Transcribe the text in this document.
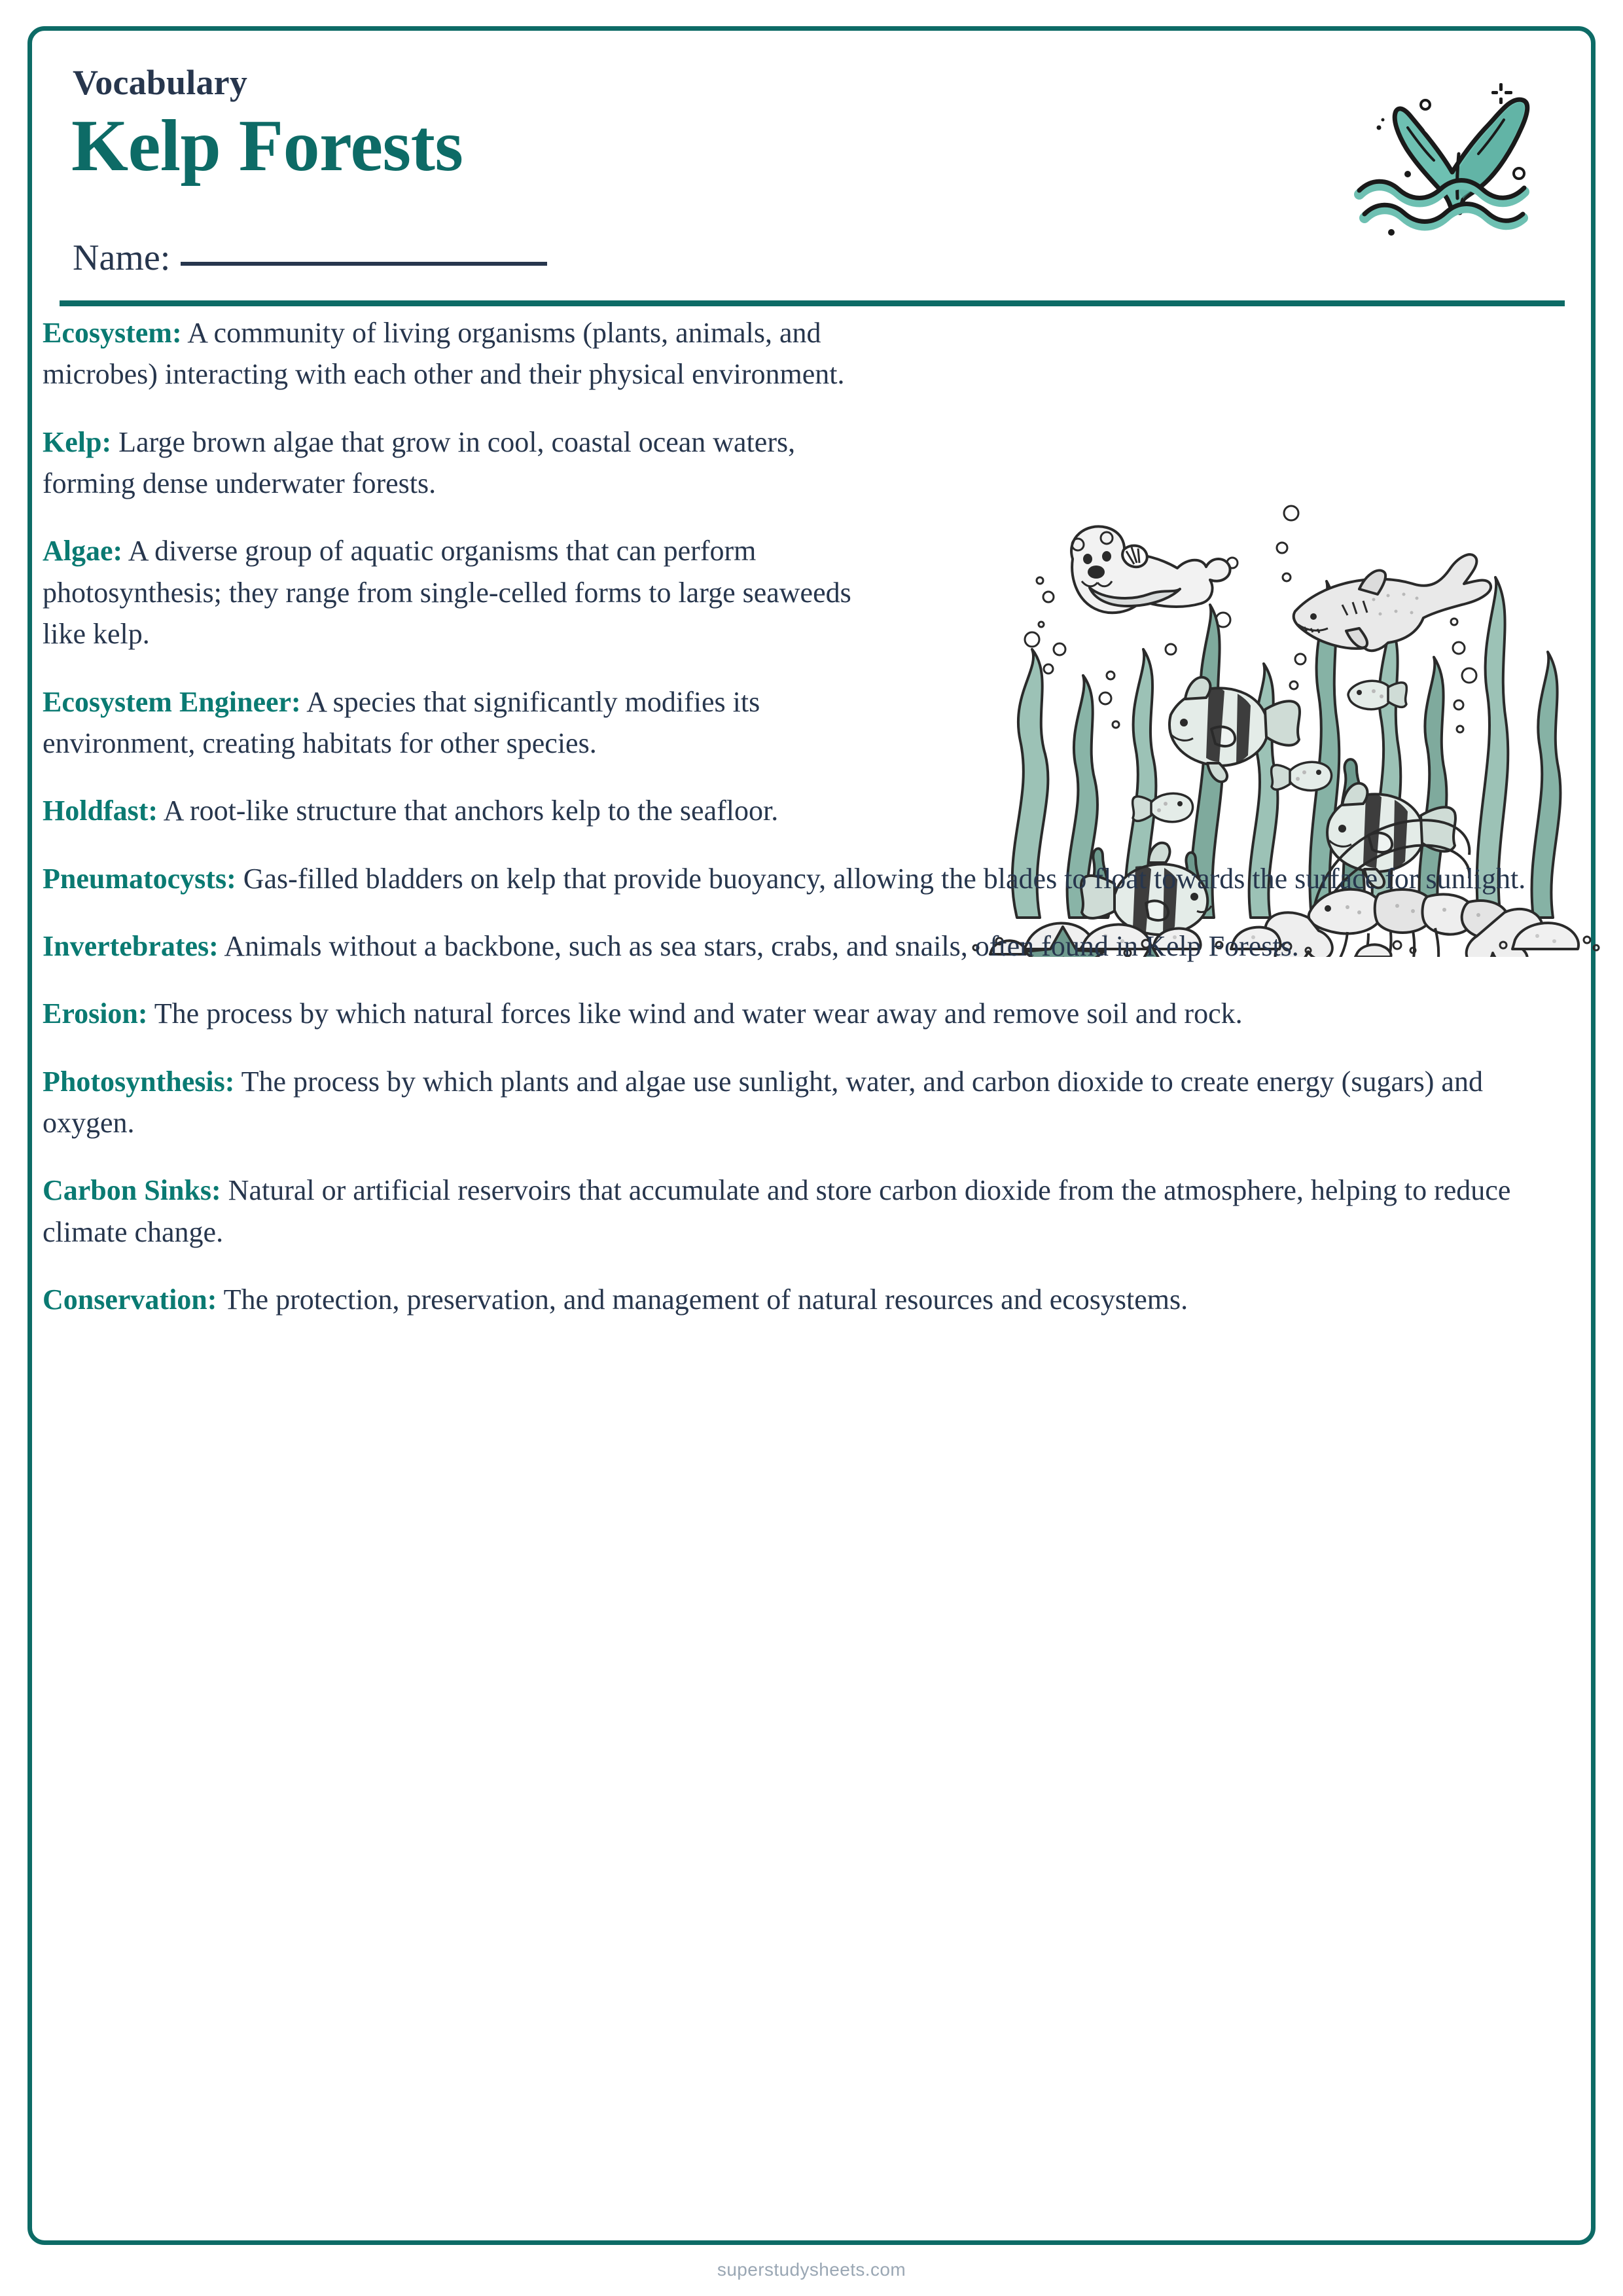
Vocabulary
Kelp Forests
Name:

Ecosystem: A community of living organisms (plants, animals, and microbes) interacting with each other and their physical environment.

Kelp: Large brown algae that grow in cool, coastal ocean waters, forming dense underwater forests.

Algae: A diverse group of aquatic organisms that can perform photosynthesis; they range from single-celled forms to large seaweeds like kelp.

Ecosystem Engineer: A species that significantly modifies its environment, creating habitats for other species.

Holdfast: A root-like structure that anchors kelp to the seafloor.

Pneumatocysts: Gas-filled bladders on kelp that provide buoyancy, allowing the blades to float towards the surface for sunlight.

Invertebrates: Animals without a backbone, such as sea stars, crabs, and snails, often found in Kelp Forests.

Erosion: The process by which natural forces like wind and water wear away and remove soil and rock.

Photosynthesis: The process by which plants and algae use sunlight, water, and carbon dioxide to create energy (sugars) and oxygen.

Carbon Sinks: Natural or artificial reservoirs that accumulate and store carbon dioxide from the atmosphere, helping to reduce climate change.

Conservation: The protection, preservation, and management of natural resources and ecosystems.

superstudysheets.com
